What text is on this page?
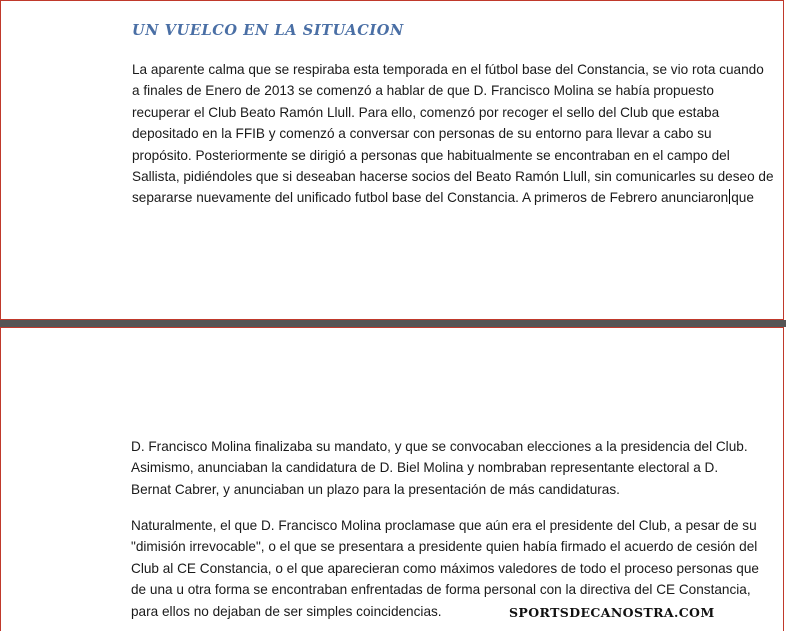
UN VUELCO EN LA SITUACION

La aparente calma que se respiraba esta temporada en el fútbol base del Constancia, se vio rota cuando
a finales de Enero de 2013 se comenzó a hablar de que D. Francisco Molina se había propuesto
recuperar el Club Beato Ramón Llull. Para ello, comenzó por recoger el sello del Club que estaba
depositado en la FFIB y comenzó a conversar con personas de su entorno para llevar a cabo su
propósito. Posteriormente se dirigió a personas que habitualmente se encontraban en el campo del
Sallista, pidiéndoles que si deseaban hacerse socios del Beato Ramón Llull, sin comunicarles su deseo de
separarse nuevamente del unificado futbol base del Constancia. A primeros de Febrero anunciaron que

D. Francisco Molina finalizaba su mandato, y que se convocaban elecciones a la presidencia del Club.
Asimismo, anunciaban la candidatura de D. Biel Molina y nombraban representante electoral a D.
Bernat Cabrer, y anunciaban un plazo para la presentación de más candidaturas.

Naturalmente, el que D. Francisco Molina proclamase que aún era el presidente del Club, a pesar de su
"dimisión irrevocable", o el que se presentara a presidente quien había firmado el acuerdo de cesión del
Club al CE Constancia, o el que aparecieran como máximos valedores de todo el proceso personas que
de una u otra forma se encontraban enfrentadas de forma personal con la directiva del CE Constancia,
para ellos no dejaban de ser simples coincidencias.	SPORTSDECANOSTRA.COM
